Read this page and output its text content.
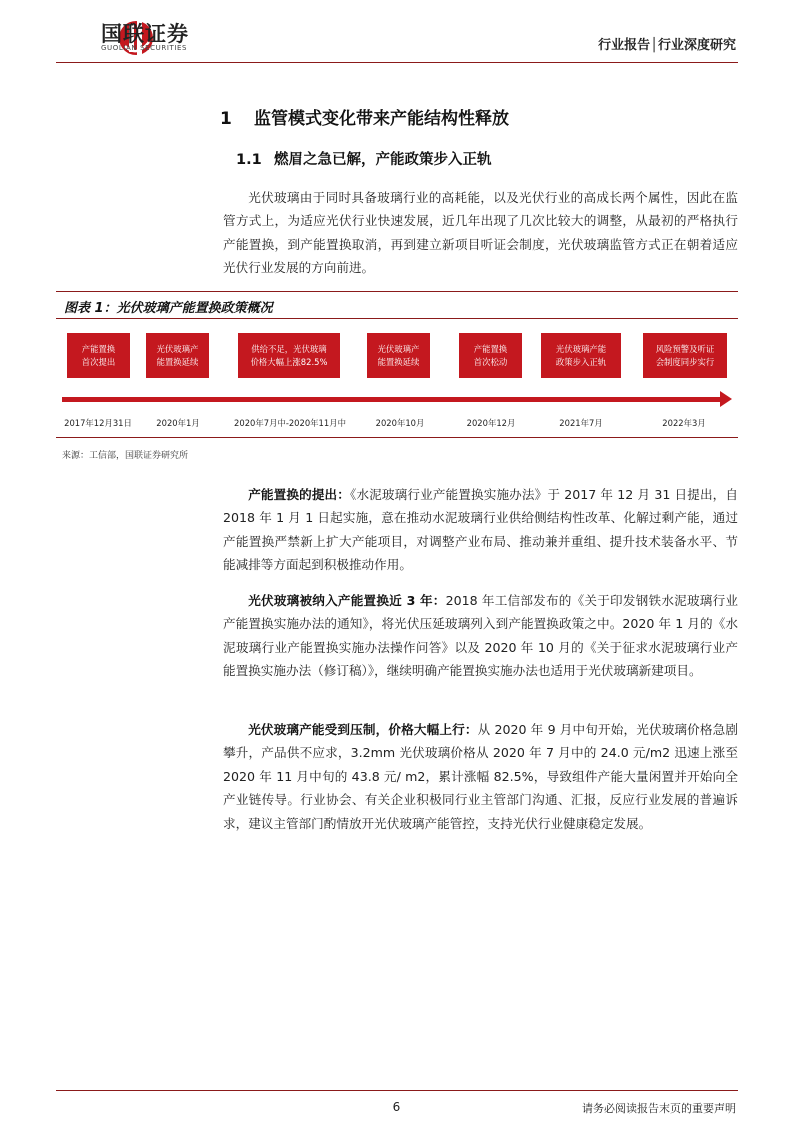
国联证券
GUOLIAN SECURITIES	行业报告│行业深度研究
1 监管模式变化带来产能结构性释放
1.1 燃眉之急已解，产能政策步入正轨

光伏玻璃由于同时具备玻璃行业的高耗能，以及光伏行业的高成长两个属性，因此在监管方式上，为适应光伏行业快速发展，近几年出现了几次比较大的调整，从最初的严格执行产能置换，到产能置换取消，再到建立新项目听证会制度，光伏玻璃监管方式正在朝着适应光伏行业发展的方向前进。

图表 1：光伏玻璃产能置换政策概况
产能置换
首次提出
光伏玻璃产
能置换延续
供给不足，光伏玻璃
价格大幅上涨82.5%
光伏玻璃产
能置换延续
产能置换
首次松动
光伏玻璃产能
政策步入正轨
风险预警及听证
会制度同步实行
2017年12月31日	2020年1月	2020年7月中-2020年11月中	2020年10月	2020年12月	2021年7月	2022年3月
来源：工信部，国联证券研究所

产能置换的提出：《水泥玻璃行业产能置换实施办法》于 2017 年 12 月 31 日提出，自 2018 年 1 月 1 日起实施，意在推动水泥玻璃行业供给侧结构性改革、化解过剩产能，通过产能置换严禁新上扩大产能项目，对调整产业布局、推动兼并重组、提升技术装备水平、节能减排等方面起到积极推动作用。

光伏玻璃被纳入产能置换近 3 年：2018 年工信部发布的《关于印发钢铁水泥玻璃行业产能置换实施办法的通知》，将光伏压延玻璃列入到产能置换政策之中。2020 年 1 月的《水泥玻璃行业产能置换实施办法操作问答》以及 2020 年 10 月的《关于征求水泥玻璃行业产能置换实施办法（修订稿）》，继续明确产能置换实施办法也适用于光伏玻璃新建项目。

光伏玻璃产能受到压制，价格大幅上行：从 2020 年 9 月中旬开始，光伏玻璃价格急剧攀升，产品供不应求，3.2mm 光伏玻璃价格从 2020 年 7 月中的 24.0 元/m2 迅速上涨至 2020 年 11 月中旬的 43.8 元/ m2，累计涨幅 82.5%，导致组件产能大量闲置并开始向全产业链传导。行业协会、有关企业积极同行业主管部门沟通、汇报，反应行业发展的普遍诉求，建议主管部门酌情放开光伏玻璃产能管控，支持光伏行业健康稳定发展。

6	请务必阅读报告末页的重要声明
